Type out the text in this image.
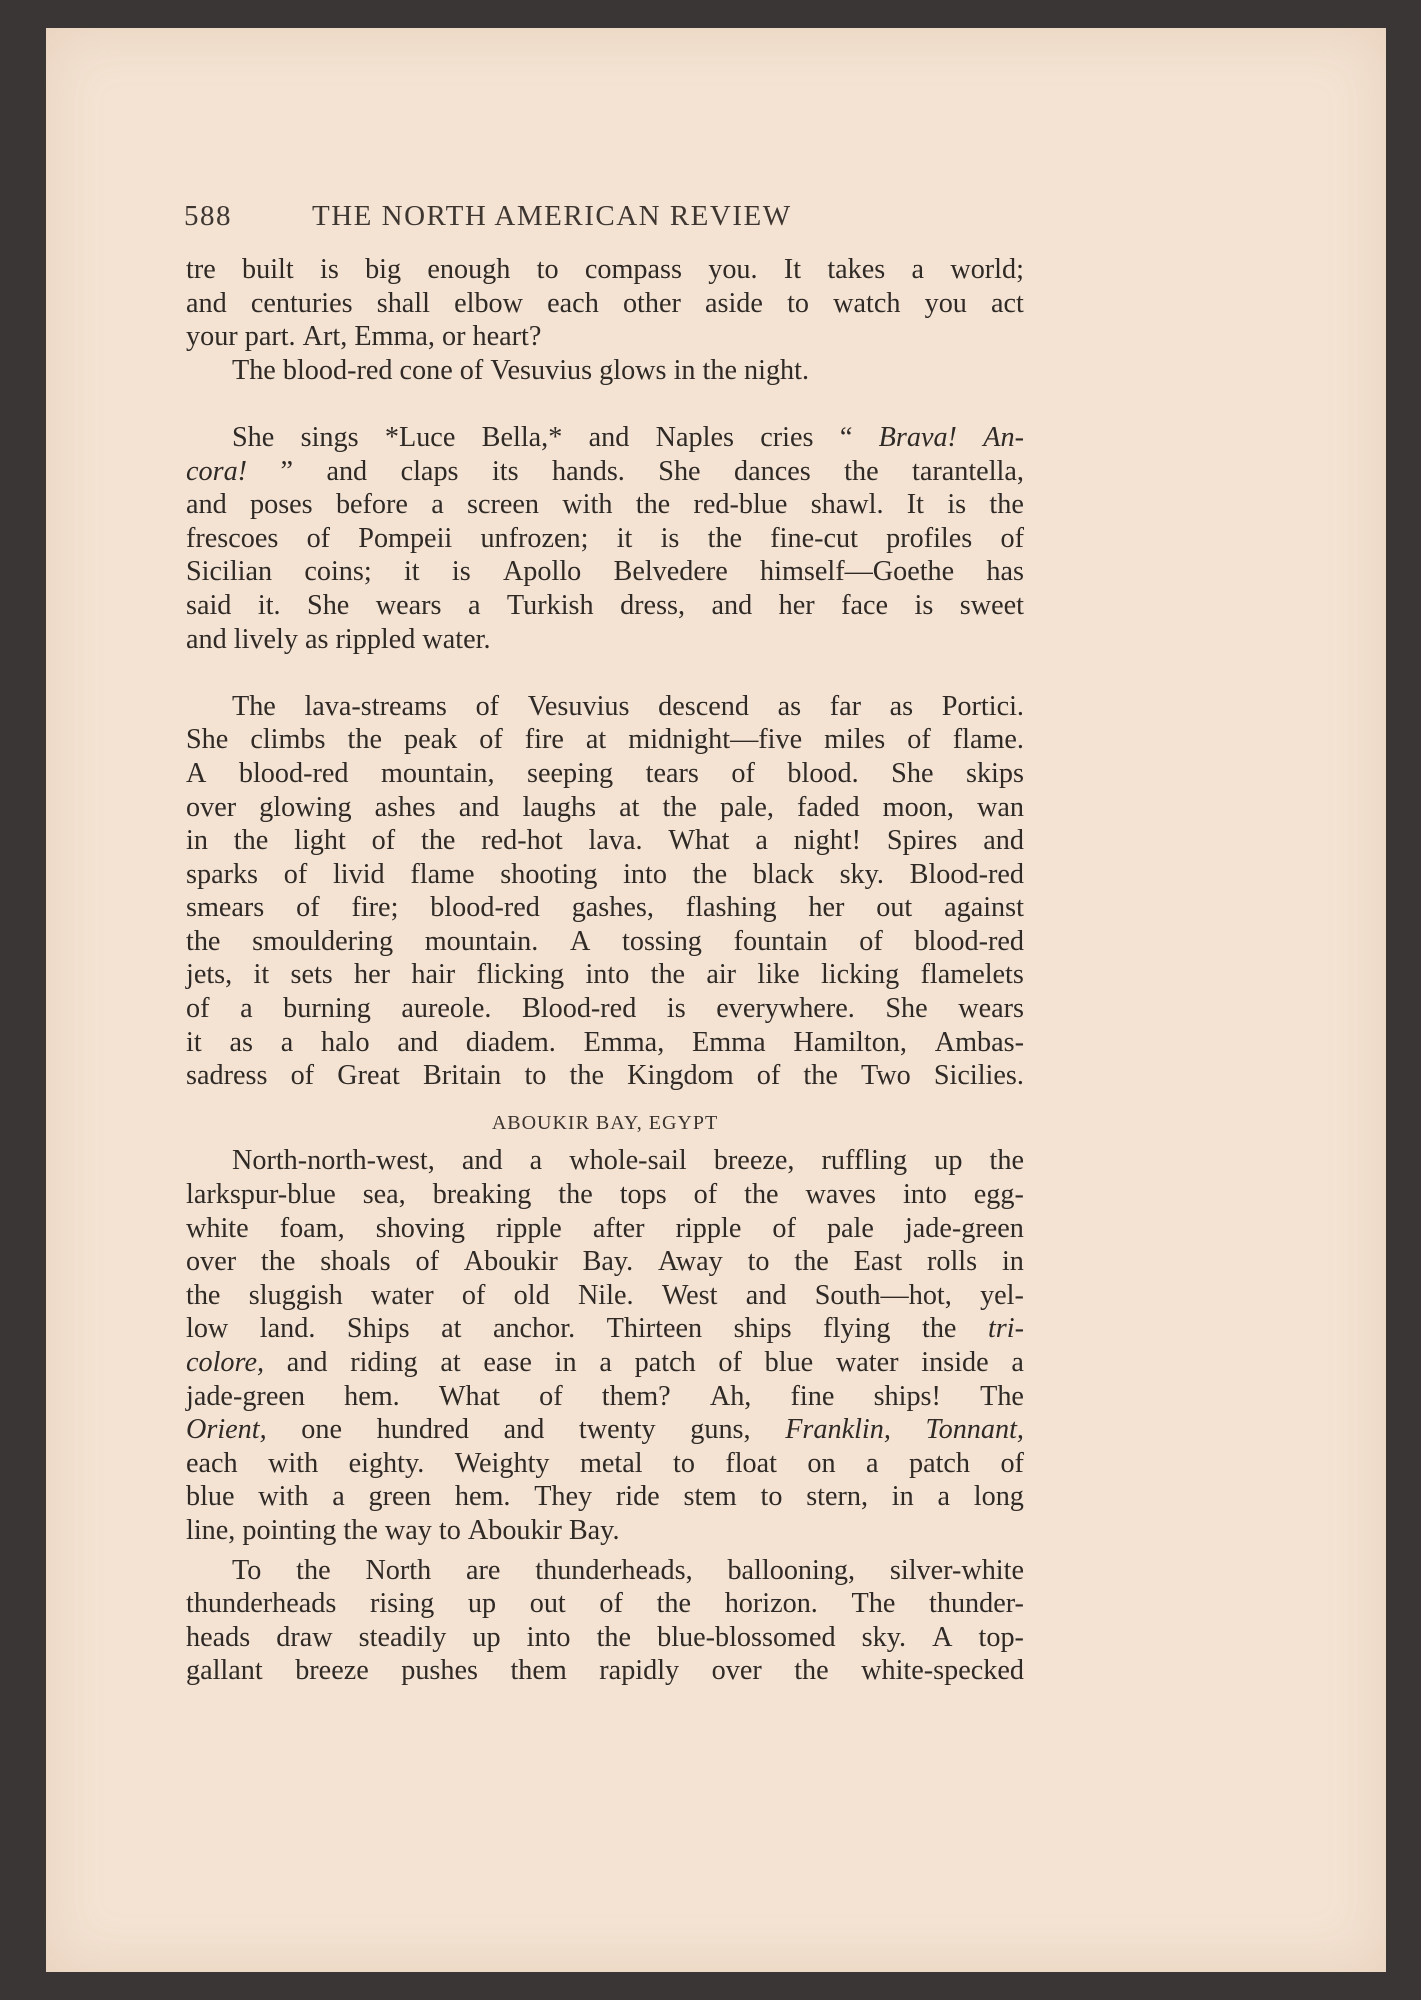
588	THE NORTH AMERICAN REVIEW
tre built is big enough to compass you. It takes a world;
and centuries shall elbow each other aside to watch you act
your
part.
Art,
Emma,
or
heart?
The
blood-red
cone
of
Vesuvius
glows
in
the
night.
She sings *Luce Bella,* and Naples cries “ Brava! An-
cora! ” and claps its hands. She dances the tarantella,
and poses before a screen with the red-blue shawl. It is the
frescoes of Pompeii unfrozen; it is the fine-cut profiles of
Sicilian coins; it is Apollo Belvedere himself—Goethe has
said it. She wears a Turkish dress, and her face is sweet
and
lively
as
rippled
water.
The lava-streams of Vesuvius descend as far as Portici.
She climbs the peak of fire at midnight—five miles of flame.
A blood-red mountain, seeping tears of blood. She skips
over glowing ashes and laughs at the pale, faded moon, wan
in the light of the red-hot lava. What a night! Spires and
sparks of livid flame shooting into the black sky. Blood-red
smears of fire; blood-red gashes, flashing her out against
the smouldering mountain. A tossing fountain of blood-red
jets, it sets her hair flicking into the air like licking flamelets
of a burning aureole. Blood-red is everywhere. She wears
it as a halo and diadem. Emma, Emma Hamilton, Ambas-
sadress of Great Britain to the Kingdom of the Two Sicilies.
ABOUKIR BAY, EGYPT
North-north-west, and a whole-sail breeze, ruffling up the
larkspur-blue sea, breaking the tops of the waves into egg-
white foam, shoving ripple after ripple of pale jade-green
over the shoals of Aboukir Bay. Away to the East rolls in
the sluggish water of old Nile. West and South—hot, yel-
low land. Ships at anchor. Thirteen ships flying the tri-
colore, and riding at ease in a patch of blue water inside a
jade-green hem. What of them? Ah, fine ships! The
Orient, one hundred and twenty guns, Franklin, Tonnant,
each with eighty. Weighty metal to float on a patch of
blue with a green hem. They ride stem to stern, in a long
line,
pointing
the
way
to
Aboukir
Bay.
To the North are thunderheads, ballooning, silver-white
thunderheads rising up out of the horizon. The thunder-
heads draw steadily up into the blue-blossomed sky. A top-
gallant breeze pushes them rapidly over the white-specked
